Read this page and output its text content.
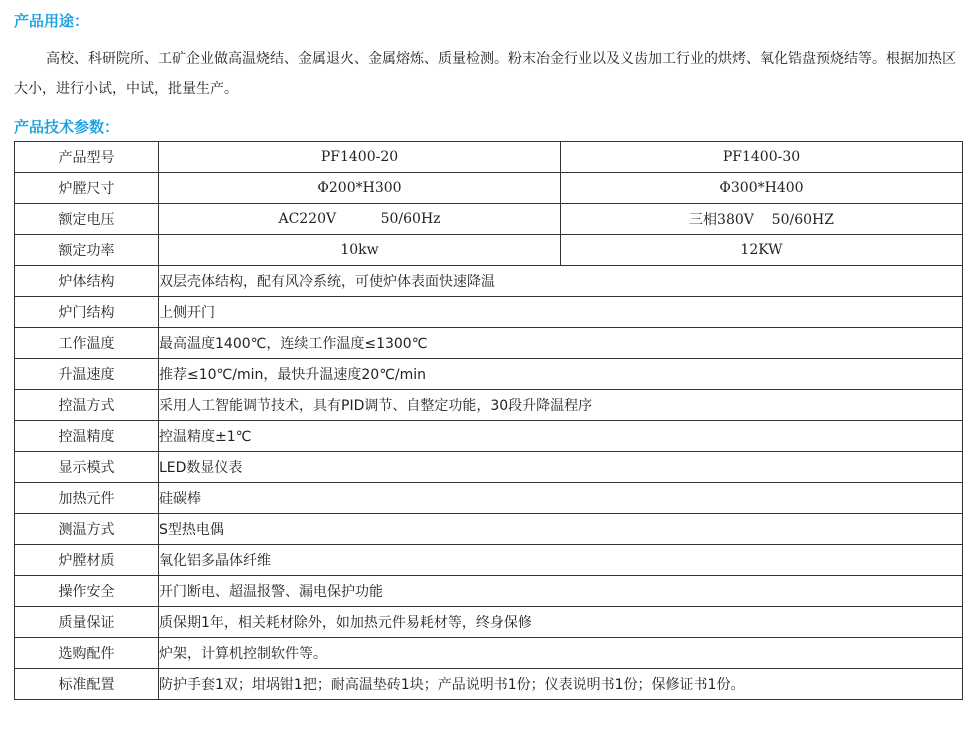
产品用途：
高校、科研院所、工矿企业做高温烧结、金属退火、金属熔炼、质量检测。粉末冶金行业以及义齿加工行业的烘烤、氧化锆盘预烧结等。根据加热区大小，进行小试，中试，批量生产。
产品技术参数：
产品型号	PF1400-20	PF1400-30
炉膛尺寸	Φ200*H300	Φ300*H400
额定电压	AC220V          50/60Hz	三相380V    50/60HZ
额定功率	10kw	12KW
炉体结构	双层壳体结构，配有风冷系统，可使炉体表面快速降温	
炉门结构	上侧开门	
工作温度	最高温度1400℃，连续工作温度≤1300℃	
升温速度	推荐≤10℃/min，最快升温速度20℃/min	
控温方式	采用人工智能调节技术，具有PID调节、自整定功能，30段升降温程序	
控温精度	控温精度±1℃	
显示模式	LED数显仪表	
加热元件	硅碳棒	
测温方式	S型热电偶	
炉膛材质	氧化铝多晶体纤维	
操作安全	开门断电、超温报警、漏电保护功能	
质量保证	质保期1年，相关耗材除外，如加热元件易耗材等，终身保修	
选购配件	炉架，计算机控制软件等。	
标准配置	防护手套1双；坩埚钳1把；耐高温垫砖1块；产品说明书1份；仪表说明书1份；保修证书1份。	
